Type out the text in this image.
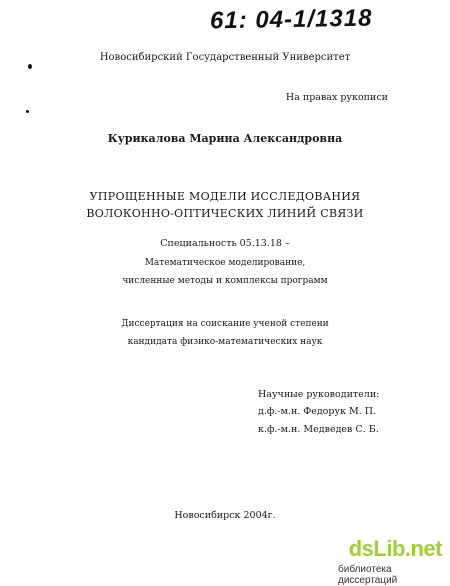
61: 04-1/1318
Новосибирский Государственный Университет
На правах рукописи
Курикалова Марина Александровна
УПРОЩЕННЫЕ МОДЕЛИ ИССЛЕДОВАНИЯ
ВОЛОКОННО-ОПТИЧЕСКИХ ЛИНИЙ СВЯЗИ
Специальность 05.13.18 –
Математическое моделирование,
численные методы и комплексы программ
Диссертация на соискание ученой степени
кандидата физико-математических наук
Научные руководители:
д.ф.-м.н. Федорук М. П.
к.ф.-м.н. Медведев С. Б.
Новосибирск 2004г.
dsLib.net
библиотека диссертаций
